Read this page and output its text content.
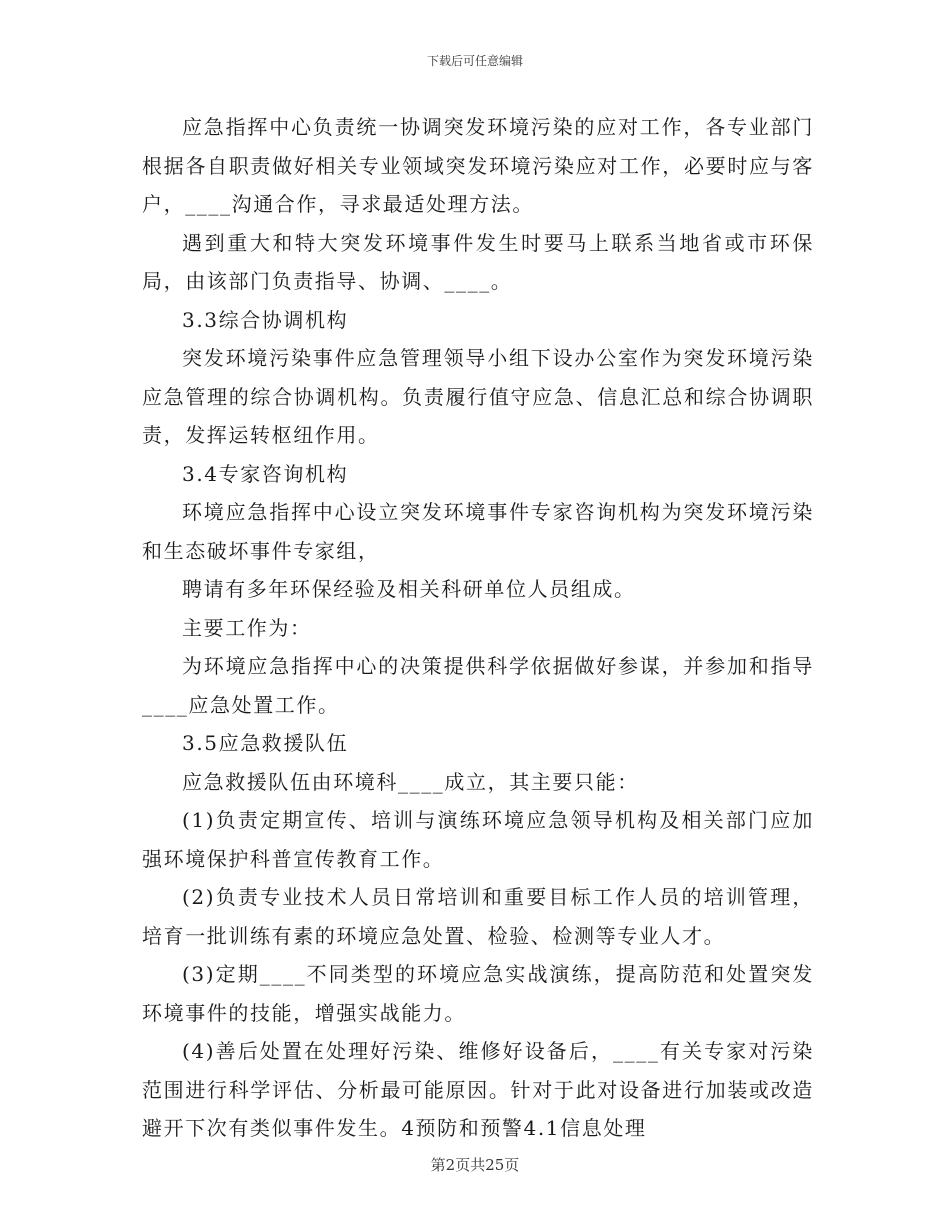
下载后可任意编辑

应急指挥中心负责统一协调突发环境污染的应对工作，各专业部门根据各自职责做好相关专业领域突发环境污染应对工作，必要时应与客户，____沟通合作，寻求最适处理方法。

遇到重大和特大突发环境事件发生时要马上联系当地省或市环保局，由该部门负责指导、协调、____。

3.3综合协调机构

突发环境污染事件应急管理领导小组下设办公室作为突发环境污染应急管理的综合协调机构。负责履行值守应急、信息汇总和综合协调职责，发挥运转枢纽作用。

3.4专家咨询机构

环境应急指挥中心设立突发环境事件专家咨询机构为突发环境污染和生态破坏事件专家组，

聘请有多年环保经验及相关科研单位人员组成。

主要工作为：

为环境应急指挥中心的决策提供科学依据做好参谋，并参加和指导____应急处置工作。

3.5应急救援队伍

应急救援队伍由环境科____成立，其主要只能：

(1)负责定期宣传、培训与演练环境应急领导机构及相关部门应加强环境保护科普宣传教育工作。

(2)负责专业技术人员日常培训和重要目标工作人员的培训管理，培育一批训练有素的环境应急处置、检验、检测等专业人才。

(3)定期____不同类型的环境应急实战演练，提高防范和处置突发环境事件的技能，增强实战能力。

(4)善后处置在处理好污染、维修好设备后，____有关专家对污染范围进行科学评估、分析最可能原因。针对于此对设备进行加装或改造避开下次有类似事件发生。4预防和预警4.1信息处理

第2页共25页
